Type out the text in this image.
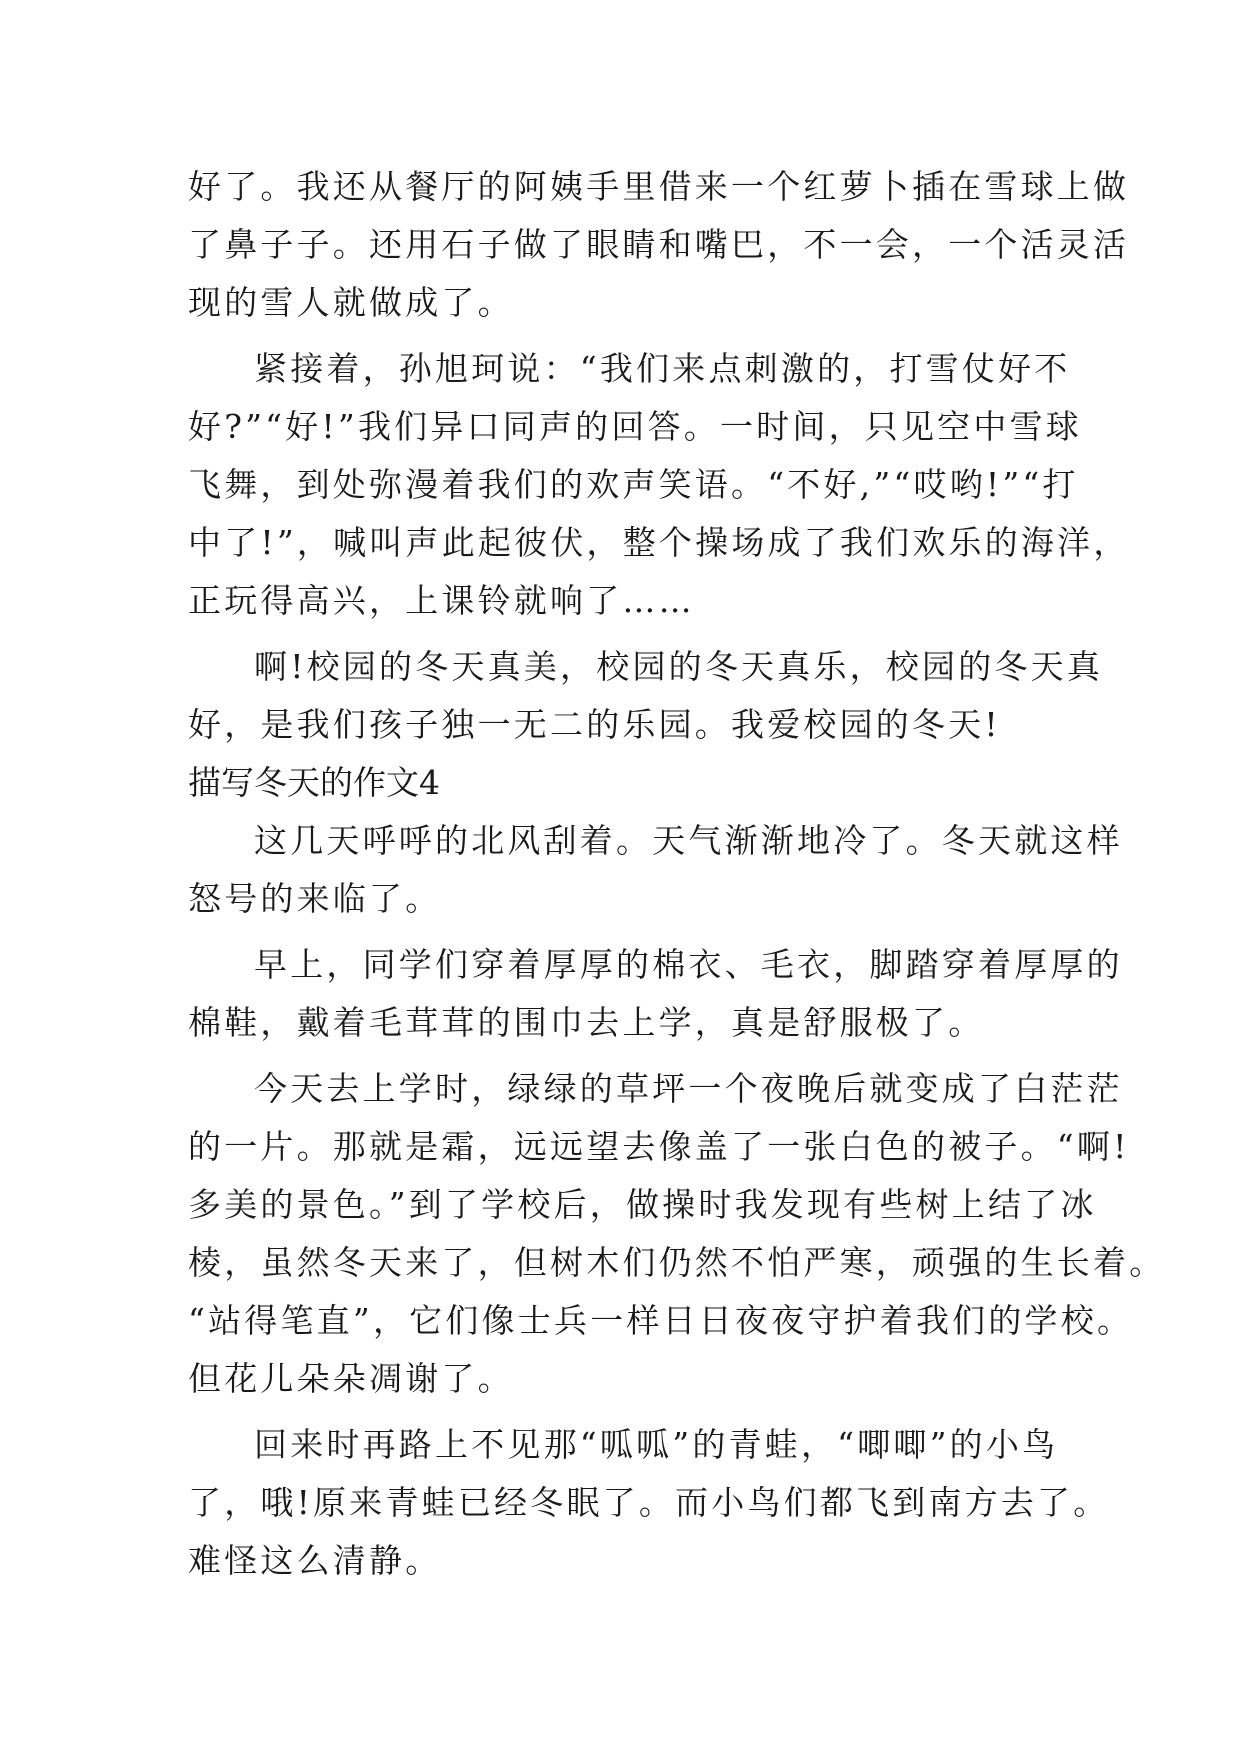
好了。我还从餐厅的阿姨手里借来一个红萝卜插在雪球上做
了鼻子子。还用石子做了眼睛和嘴巴，不一会，一个活灵活
现的雪人就做成了。
紧接着，孙旭珂说：“我们来点刺激的，打雪仗好不
好?”“好!”我们异口同声的回答。一时间，只见空中雪球
飞舞，到处弥漫着我们的欢声笑语。“不好,”“哎哟!”“打
中了!”，喊叫声此起彼伏，整个操场成了我们欢乐的海洋，
正玩得高兴，上课铃就响了……
啊!校园的冬天真美，校园的冬天真乐，校园的冬天真
好，是我们孩子独一无二的乐园。我爱校园的冬天!
描写冬天的作文4
这几天呼呼的北风刮着。天气渐渐地冷了。冬天就这样
怒号的来临了。
早上，同学们穿着厚厚的棉衣、毛衣，脚踏穿着厚厚的
棉鞋，戴着毛茸茸的围巾去上学，真是舒服极了。
今天去上学时，绿绿的草坪一个夜晚后就变成了白茫茫
的一片。那就是霜，远远望去像盖了一张白色的被子。“啊!
多美的景色。”到了学校后，做操时我发现有些树上结了冰
棱，虽然冬天来了，但树木们仍然不怕严寒，顽强的生长着。
“站得笔直”，它们像士兵一样日日夜夜守护着我们的学校。
但花儿朵朵凋谢了。
回来时再路上不见那“呱呱”的青蛙，“唧唧”的小鸟
了，哦!原来青蛙已经冬眠了。而小鸟们都飞到南方去了。
难怪这么清静。
